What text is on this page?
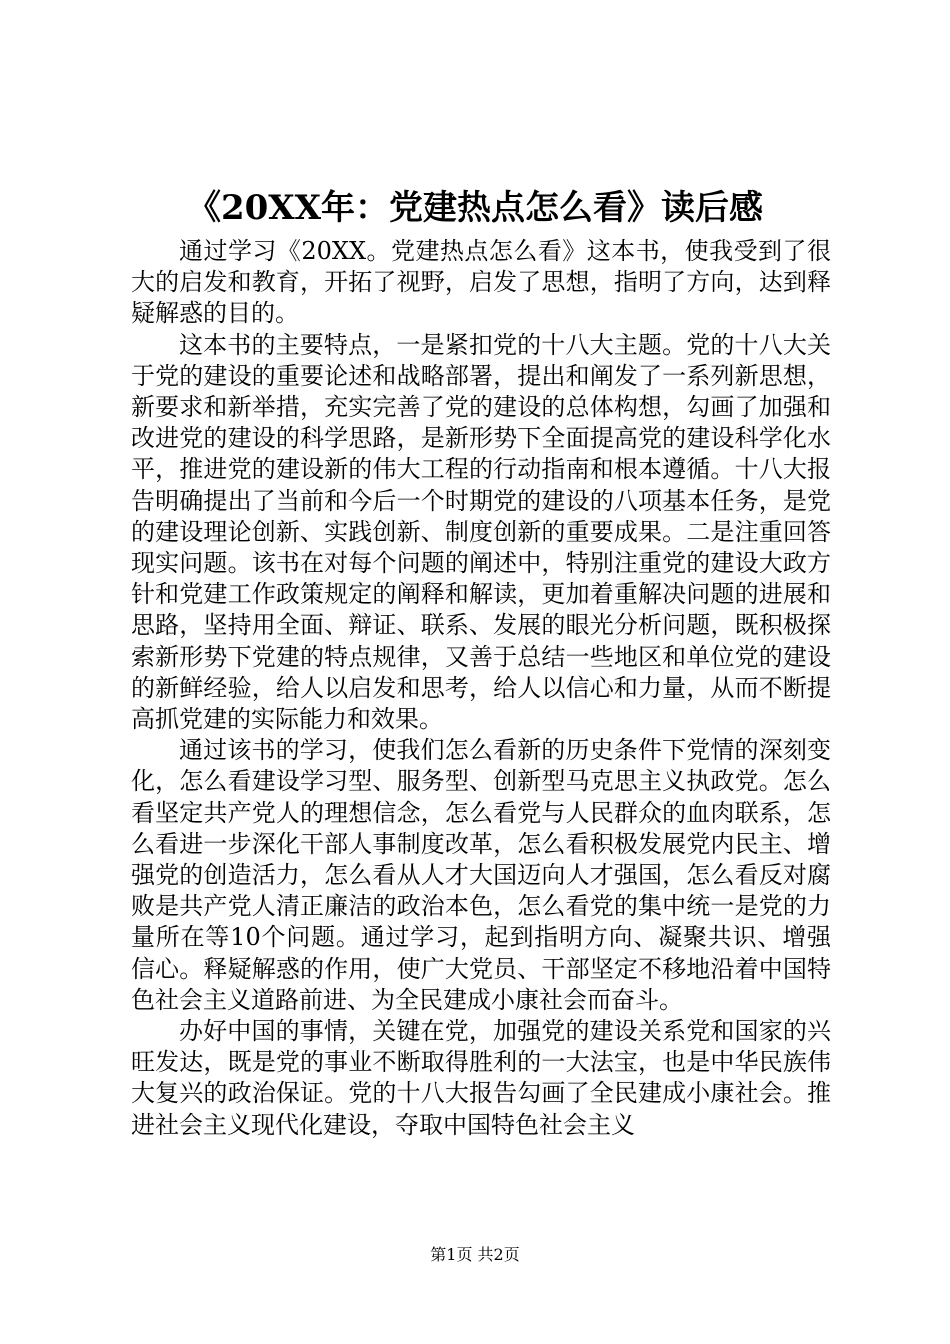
《20XX年：党建热点怎么看》读后感

通过学习《20XX。党建热点怎么看》这本书，使我受到了很大的启发和教育，开拓了视野，启发了思想，指明了方向，达到释疑解惑的目的。

这本书的主要特点，一是紧扣党的十八大主题。党的十八大关于党的建设的重要论述和战略部署，提出和阐发了一系列新思想，新要求和新举措，充实完善了党的建设的总体构想，勾画了加强和改进党的建设的科学思路，是新形势下全面提高党的建设科学化水平，推进党的建设新的伟大工程的行动指南和根本遵循。十八大报告明确提出了当前和今后一个时期党的建设的八项基本任务，是党的建设理论创新、实践创新、制度创新的重要成果。二是注重回答现实问题。该书在对每个问题的阐述中，特别注重党的建设大政方针和党建工作政策规定的阐释和解读，更加着重解决问题的进展和思路，坚持用全面、辩证、联系、发展的眼光分析问题，既积极探索新形势下党建的特点规律，又善于总结一些地区和单位党的建设的新鲜经验，给人以启发和思考，给人以信心和力量，从而不断提高抓党建的实际能力和效果。

通过该书的学习，使我们怎么看新的历史条件下党情的深刻变化，怎么看建设学习型、服务型、创新型马克思主义执政党。怎么看坚定共产党人的理想信念，怎么看党与人民群众的血肉联系，怎么看进一步深化干部人事制度改革，怎么看积极发展党内民主、增强党的创造活力，怎么看从人才大国迈向人才强国，怎么看反对腐败是共产党人清正廉洁的政治本色，怎么看党的集中统一是党的力量所在等10个问题。通过学习，起到指明方向、凝聚共识、增强信心。释疑解惑的作用，使广大党员、干部坚定不移地沿着中国特色社会主义道路前进、为全民建成小康社会而奋斗。

办好中国的事情，关键在党，加强党的建设关系党和国家的兴旺发达，既是党的事业不断取得胜利的一大法宝，也是中华民族伟大复兴的政治保证。党的十八大报告勾画了全民建成小康社会。推进社会主义现代化建设，夺取中国特色社会主义

第1页 共2页
